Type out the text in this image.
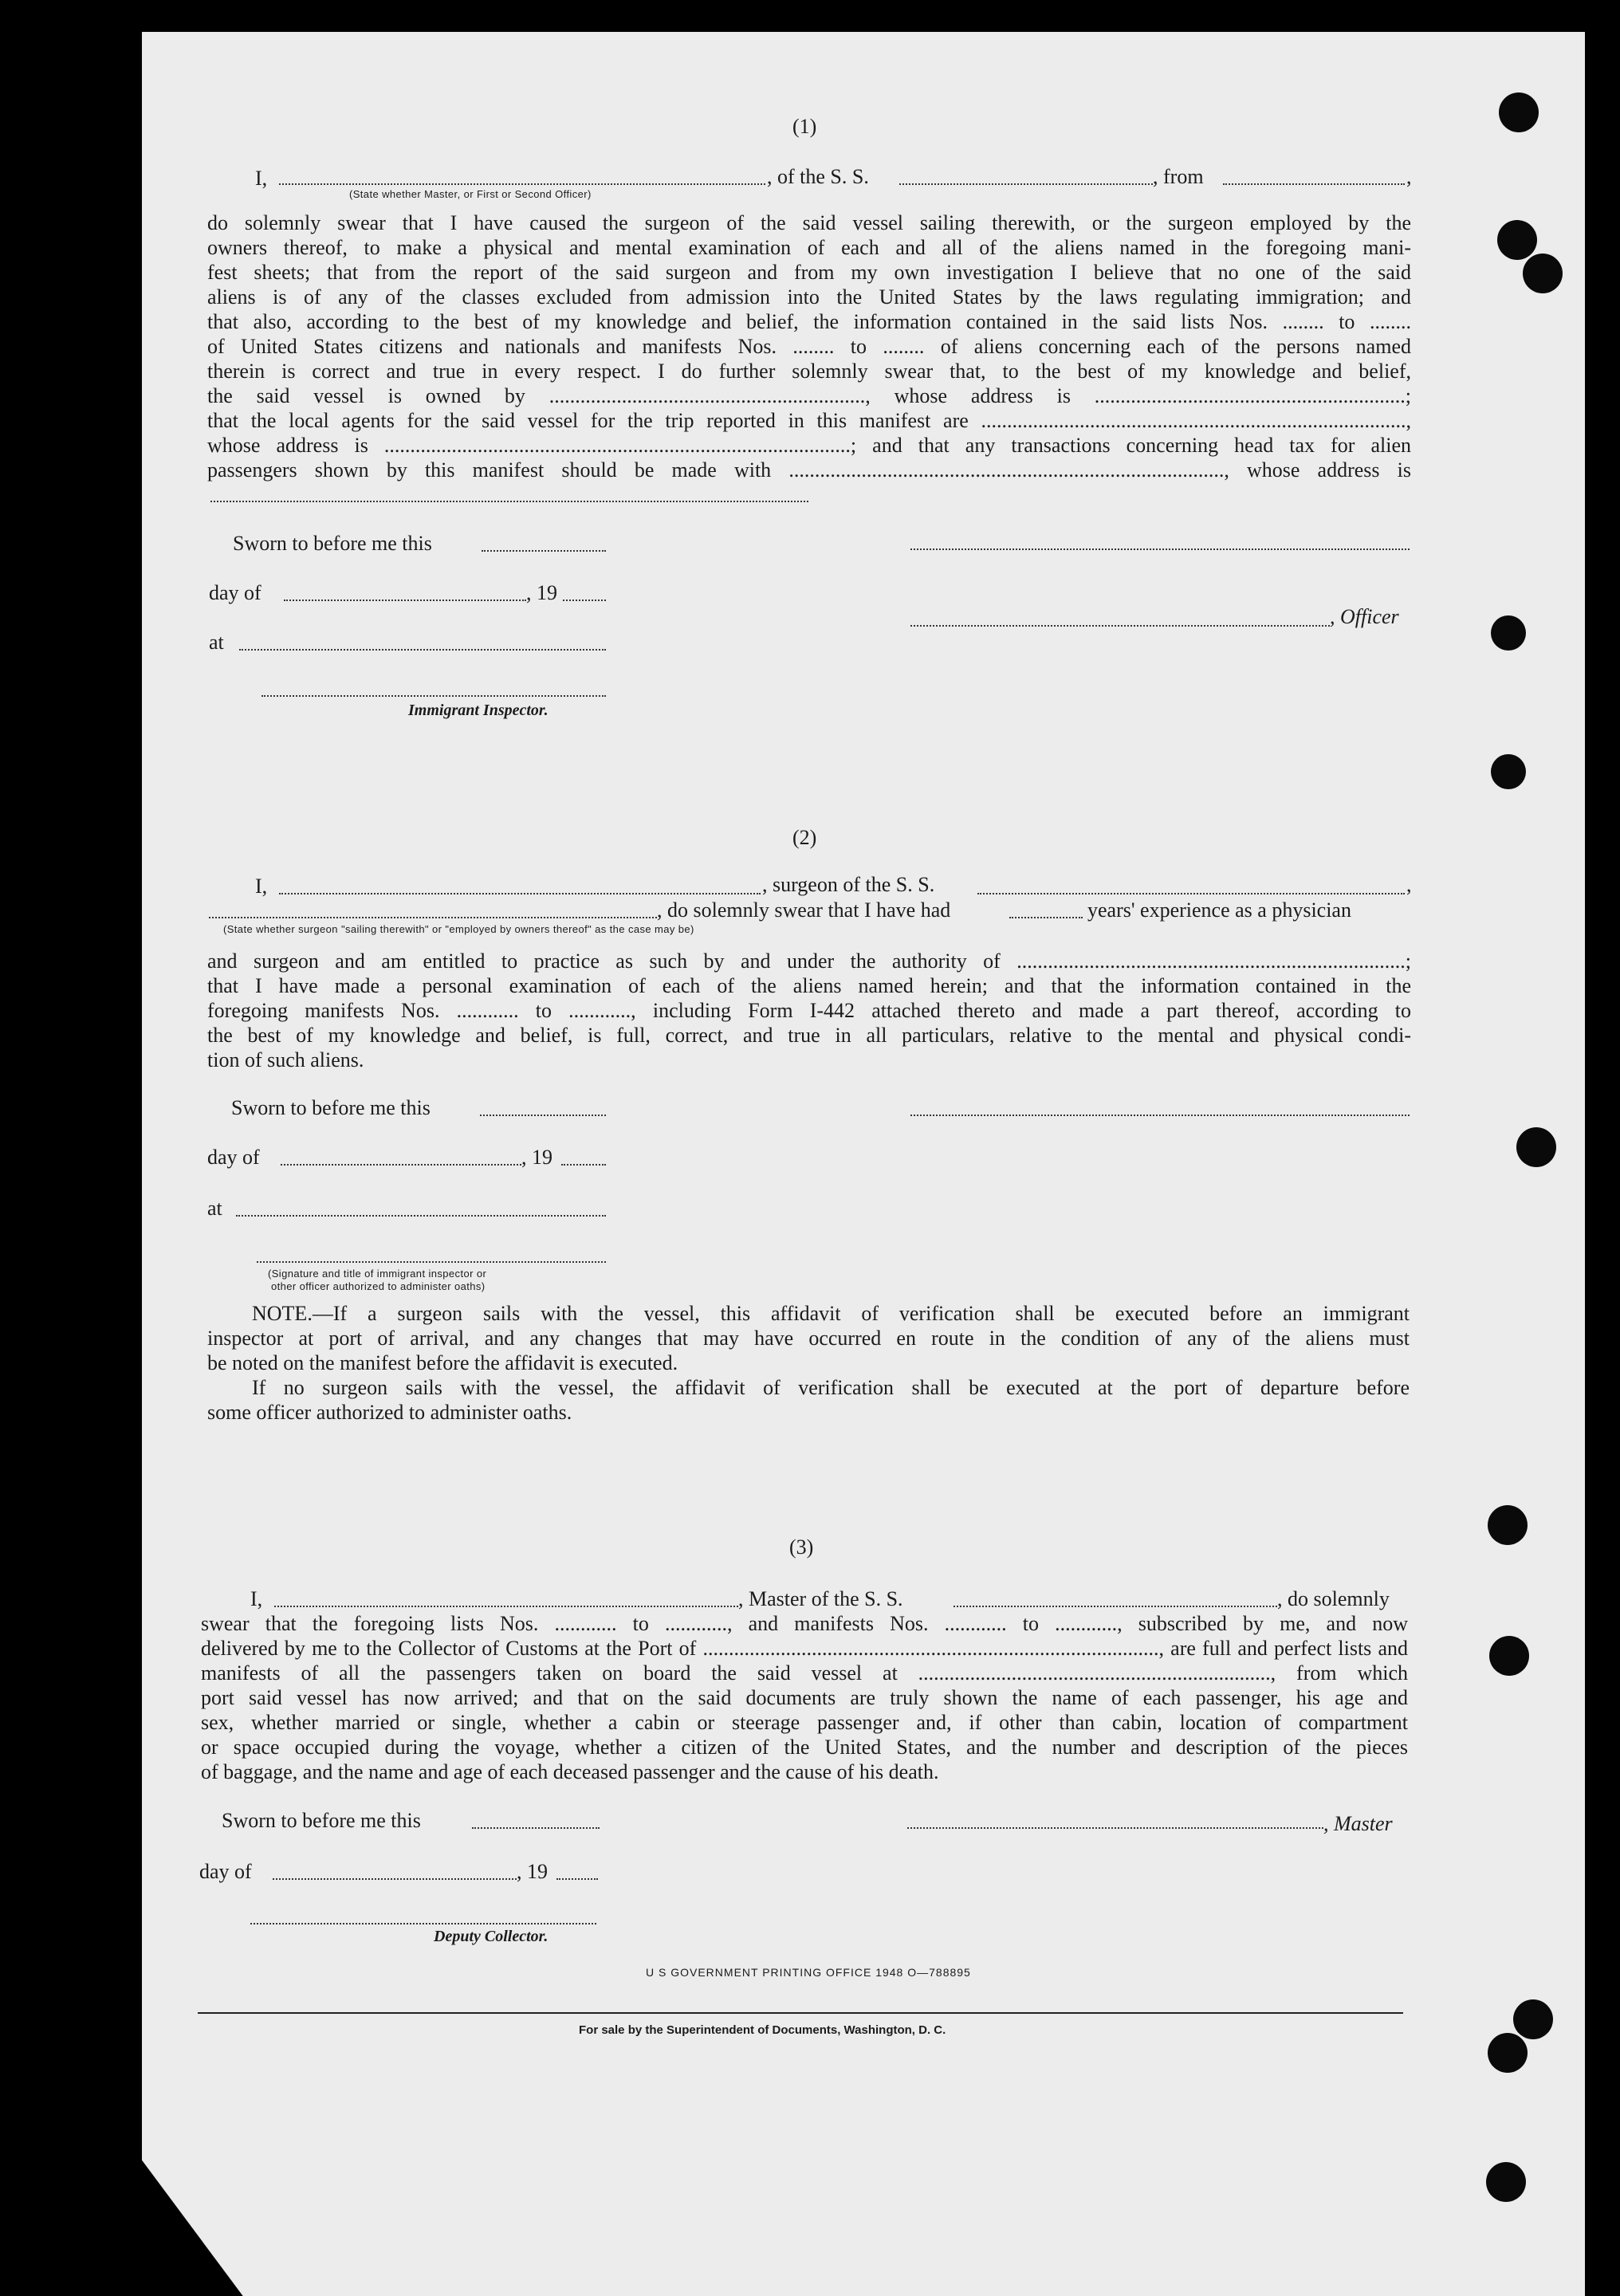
(1)
I,	, of the S. S.	, from	,
(State whether Master, or First or Second Officer)
do solemnly swear that I have caused the surgeon of the said vessel sailing therewith, or the surgeon employed by the
owners thereof, to make a physical and mental examination of each and all of the aliens named in the foregoing mani-
fest sheets; that from the report of the said surgeon and from my own investigation I believe that no one of the said
aliens is of any of the classes excluded from admission into the United States by the laws regulating immigration; and
that also, according to the best of my knowledge and belief, the information contained in the said lists Nos. ........ to ........
of United States citizens and nationals and manifests Nos. ........ to ........ of aliens concerning each of the persons named
therein is correct and true in every respect. I do further solemnly swear that, to the best of my knowledge and belief,
the said vessel is owned by ............................................................., whose address is ............................................................;
that the local agents for the said vessel for the trip reported in this manifest are ..................................................................................,
whose address is ..........................................................................................; and that any transactions concerning head tax for alien
passengers shown by this manifest should be made with ...................................................................................., whose address is
Sworn to before me this
day of	, 19
, Officer
at
Immigrant Inspector.
(2)
I,	, surgeon of the S. S.	,
, do solemnly swear that I have had	years' experience as a physician
(State whether surgeon "sailing therewith" or "employed by owners thereof" as the case may be)
and surgeon and am entitled to practice as such by and under the authority of ...........................................................................;
that I have made a personal examination of each of the aliens named herein; and that the information contained in the
foregoing manifests Nos. ............ to ............, including Form I-442 attached thereto and made a part thereof, according to
the best of my knowledge and belief, is full, correct, and true in all particulars, relative to the mental and physical condi-
tion of such aliens.
Sworn to before me this
day of	, 19
at
(Signature and title of immigrant inspector or
other officer authorized to administer oaths)
NOTE.—If a surgeon sails with the vessel, this affidavit of verification shall be executed before an immigrant
inspector at port of arrival, and any changes that may have occurred en route in the condition of any of the aliens must
be noted on the manifest before the affidavit is executed.
If no surgeon sails with the vessel, the affidavit of verification shall be executed at the port of departure before
some officer authorized to administer oaths.
(3)
I,	, Master of the S. S.	, do solemnly
swear that the foregoing lists Nos. ............ to ............, and manifests Nos. ............ to ............, subscribed by me, and now
delivered by me to the Collector of Customs at the Port of ........................................................................................, are full and perfect lists and
manifests of all the passengers taken on board the said vessel at ...................................................................., from which
port said vessel has now arrived; and that on the said documents are truly shown the name of each passenger, his age and
sex, whether married or single, whether a cabin or steerage passenger and, if other than cabin, location of compartment
or space occupied during the voyage, whether a citizen of the United States, and the number and description of the pieces
of baggage, and the name and age of each deceased passenger and the cause of his death.
Sworn to before me this	, Master
day of	, 19
Deputy Collector.
U S GOVERNMENT PRINTING OFFICE 1948 O—788895
For sale by the Superintendent of Documents, Washington, D. C.
